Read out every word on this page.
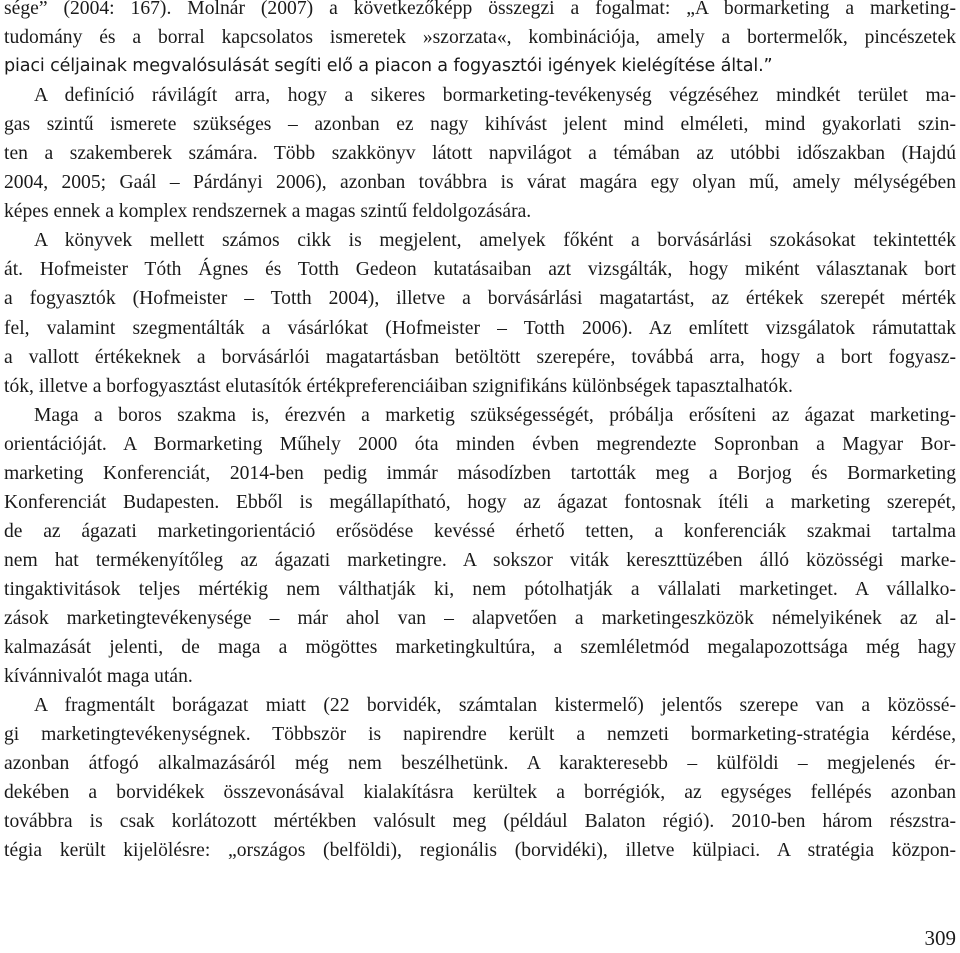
sége” (2004: 167). Molnár (2007) a következőképp összegzi a fogalmat: „A bormarketing a marketing-
tudomány és a borral kapcsolatos ismeretek »szorzata«, kombinációja, amely a bortermelők, pincészetek
piaci céljainak megvalósulását segíti elő a piacon a fogyasztói igények kielégítése által.”
A definíció rávilágít arra, hogy a sikeres bormarketing-tevékenység végzéséhez mindkét terület ma-
gas szintű ismerete szükséges – azonban ez nagy kihívást jelent mind elméleti, mind gyakorlati szin-
ten a szakemberek számára. Több szakkönyv látott napvilágot a témában az utóbbi időszakban (Hajdú
2004, 2005; Gaál – Párdányi 2006), azonban továbbra is várat magára egy olyan mű, amely mélységében
képes ennek a komplex rendszernek a magas szintű feldolgozására.
A könyvek mellett számos cikk is megjelent, amelyek főként a borvásárlási szokásokat tekintették
át. Hofmeister Tóth Ágnes és Totth Gedeon kutatásaiban azt vizsgálták, hogy miként választanak bort
a fogyasztók (Hofmeister – Totth 2004), illetve a borvásárlási magatartást, az értékek szerepét mérték
fel, valamint szegmentálták a vásárlókat (Hofmeister – Totth 2006). Az említett vizsgálatok rámutattak
a vallott értékeknek a borvásárlói magatartásban betöltött szerepére, továbbá arra, hogy a bort fogyasz-
tók, illetve a borfogyasztást elutasítók értékpreferenciáiban szignifikáns különbségek tapasztalhatók.
Maga a boros szakma is, érezvén a marketig szükségességét, próbálja erősíteni az ágazat marketing-
orientációját. A Bormarketing Műhely 2000 óta minden évben megrendezte Sopronban a Magyar Bor-
marketing Konferenciát, 2014-ben pedig immár másodízben tartották meg a Borjog és Bormarketing
Konferenciát Budapesten. Ebből is megállapítható, hogy az ágazat fontosnak ítéli a marketing szerepét,
de az ágazati marketingorientáció erősödése kevéssé érhető tetten, a konferenciák szakmai tartalma
nem hat termékenyítőleg az ágazati marketingre. A sokszor viták kereszttüzében álló közösségi marke-
tingaktivitások teljes mértékig nem válthatják ki, nem pótolhatják a vállalati marketinget. A vállalko-
zások marketingtevékenysége – már ahol van – alapvetően a marketingeszközök némelyikének az al-
kalmazását jelenti, de maga a mögöttes marketingkultúra, a szemléletmód megalapozottsága még hagy
kívánnivalót maga után.
A fragmentált borágazat miatt (22 borvidék, számtalan kistermelő) jelentős szerepe van a közössé-
gi marketingtevékenységnek. Többször is napirendre került a nemzeti bormarketing-stratégia kérdése,
azonban átfogó alkalmazásáról még nem beszélhetünk. A karakteresebb – külföldi – megjelenés ér-
dekében a borvidékek összevonásával kialakításra kerültek a borrégiók, az egységes fellépés azonban
továbbra is csak korlátozott mértékben valósult meg (például Balaton régió). 2010-ben három részstra-
tégia került kijelölésre: „országos (belföldi), regionális (borvidéki), illetve külpiaci. A stratégia közpon-
309
